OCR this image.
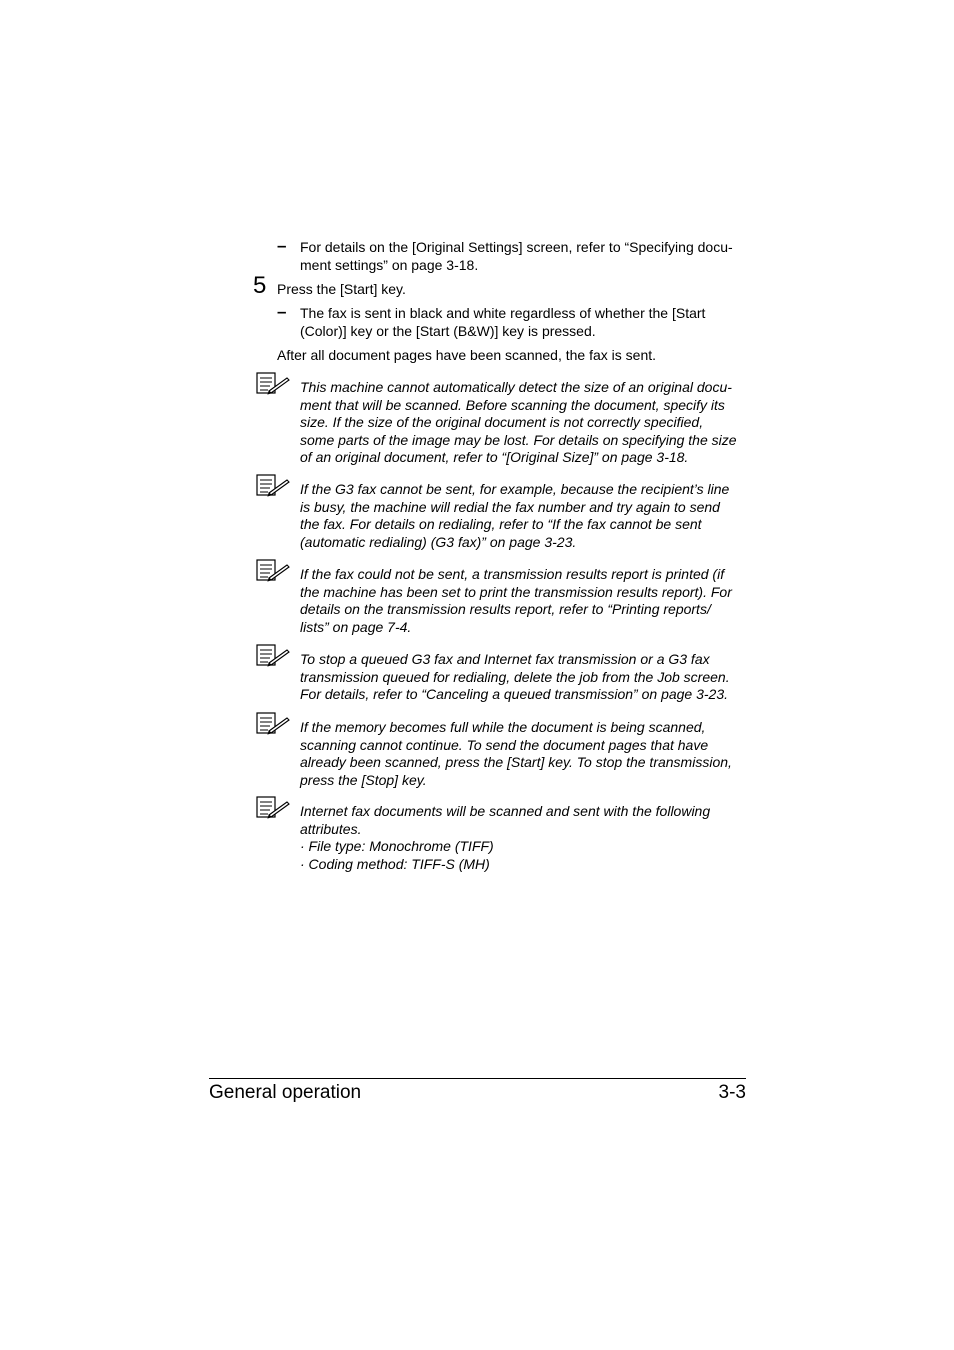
– For details on the [Original Settings] screen, refer to “Specifying docu-
ment settings” on page 3-18.
5 Press the [Start] key.
– The fax is sent in black and white regardless of whether the [Start
(Color)] key or the [Start (B&W)] key is pressed.
After all document pages have been scanned, the fax is sent.
This machine cannot automatically detect the size of an original docu-
ment that will be scanned. Before scanning the document, specify its
size. If the size of the original document is not correctly specified,
some parts of the image may be lost. For details on specifying the size
of an original document, refer to “[Original Size]” on page 3-18.
If the G3 fax cannot be sent, for example, because the recipient’s line
is busy, the machine will redial the fax number and try again to send
the fax. For details on redialing, refer to “If the fax cannot be sent
(automatic redialing) (G3 fax)” on page 3-23.
If the fax could not be sent, a transmission results report is printed (if
the machine has been set to print the transmission results report). For
details on the transmission results report, refer to “Printing reports/
lists” on page 7-4.
To stop a queued G3 fax and Internet fax transmission or a G3 fax
transmission queued for redialing, delete the job from the Job screen.
For details, refer to “Canceling a queued transmission” on page 3-23.
If the memory becomes full while the document is being scanned,
scanning cannot continue. To send the document pages that have
already been scanned, press the [Start] key. To stop the transmission,
press the [Stop] key.
Internet fax documents will be scanned and sent with the following
attributes.
· File type: Monochrome (TIFF)
· Coding method: TIFF-S (MH)
General operation	3-3
